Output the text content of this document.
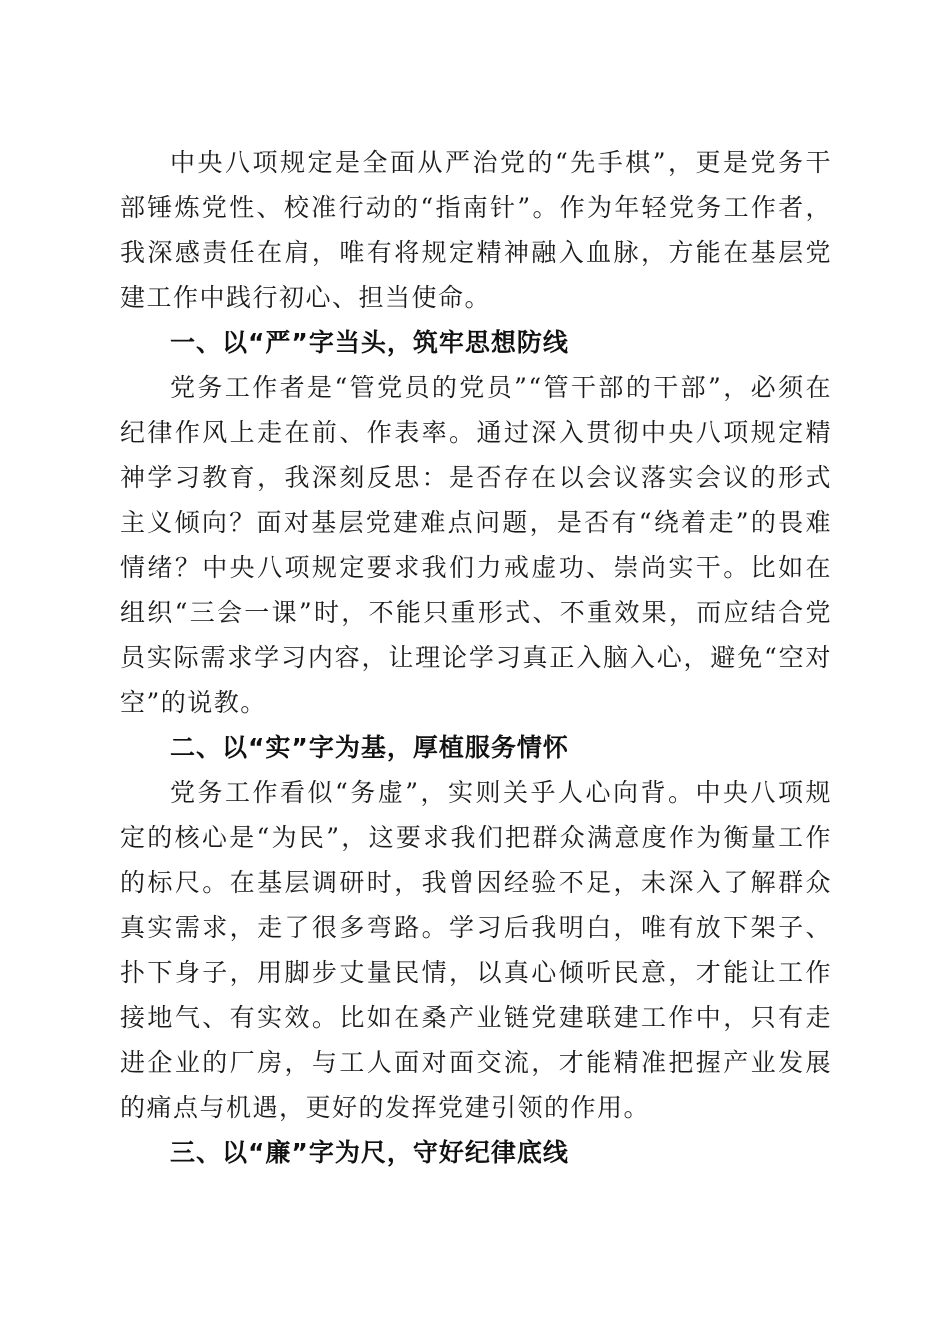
中央八项规定是全面从严治党的“先手棋”，更是党务干部锤炼党性、校准行动的“指南针”。作为年轻党务工作者，我深感责任在肩，唯有将规定精神融入血脉，方能在基层党建工作中践行初心、担当使命。

一、以“严”字当头，筑牢思想防线

党务工作者是“管党员的党员”“管干部的干部”，必须在纪律作风上走在前、作表率。通过深入贯彻中央八项规定精神学习教育，我深刻反思：是否存在以会议落实会议的形式主义倾向？面对基层党建难点问题，是否有“绕着走”的畏难情绪？中央八项规定要求我们力戒虚功、崇尚实干。比如在组织“三会一课”时，不能只重形式、不重效果，而应结合党员实际需求学习内容，让理论学习真正入脑入心，避免“空对空”的说教。

二、以“实”字为基，厚植服务情怀

党务工作看似“务虚”，实则关乎人心向背。中央八项规定的核心是“为民”，这要求我们把群众满意度作为衡量工作的标尺。在基层调研时，我曾因经验不足，未深入了解群众真实需求，走了很多弯路。学习后我明白，唯有放下架子、扑下身子，用脚步丈量民情，以真心倾听民意，才能让工作接地气、有实效。比如在桑产业链党建联建工作中，只有走进企业的厂房，与工人面对面交流，才能精准把握产业发展的痛点与机遇，更好的发挥党建引领的作用。

三、以“廉”字为尺，守好纪律底线
